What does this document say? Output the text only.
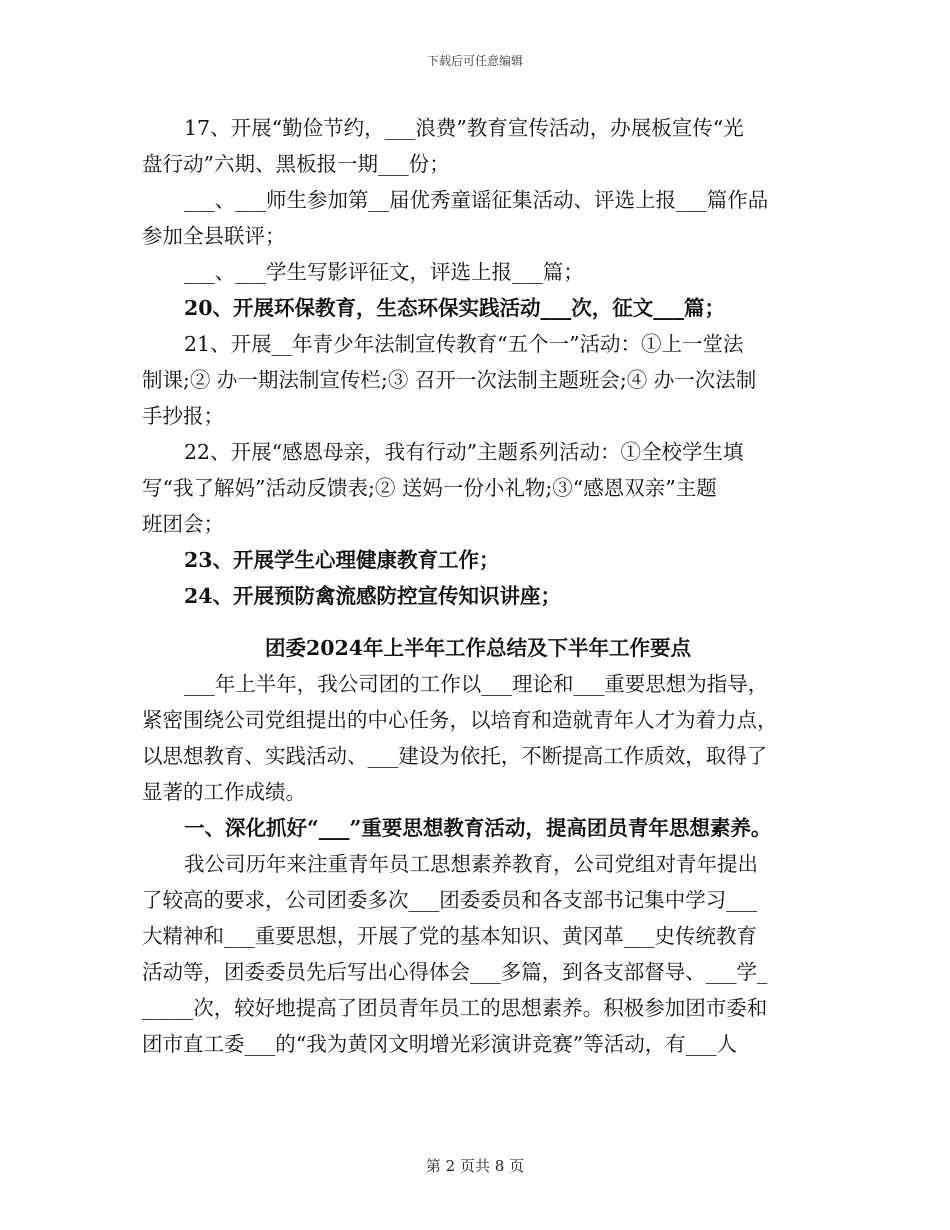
下载后可任意编辑
17、开展“勤俭节约，___浪费”教育宣传活动，办展板宣传“光
盘行动”六期、黑板报一期___份；
___、___师生参加第__届优秀童谣征集活动、评选上报___篇作品
参加全县联评；
___、___学生写影评征文，评选上报___篇；
20、开展环保教育，生态环保实践活动___次，征文___篇；
21、开展__年青少年法制宣传教育“五个一”活动：①上一堂法
制课;② 办一期法制宣传栏;③ 召开一次法制主题班会;④ 办一次法制
手抄报；
22、开展“感恩母亲，我有行动”主题系列活动：①全校学生填
写“我了解妈”活动反馈表;② 送妈一份小礼物;③“感恩双亲”主题
班团会；
23、开展学生心理健康教育工作；
24、开展预防禽流感防控宣传知识讲座；
团委2024年上半年工作总结及下半年工作要点
___年上半年，我公司团的工作以___理论和___重要思想为指导，
紧密围绕公司党组提出的中心任务，以培育和造就青年人才为着力点，
以思想教育、实践活动、___建设为依托，不断提高工作质效，取得了
显著的工作成绩。
一、深化抓好“___”重要思想教育活动，提高团员青年思想素养。
我公司历年来注重青年员工思想素养教育，公司党组对青年提出
了较高的要求，公司团委多次___团委委员和各支部书记集中学习___
大精神和___重要思想，开展了党的基本知识、黄冈革___史传统教育
活动等，团委委员先后写出心得体会___多篇，到各支部督导、___学_
_____次，较好地提高了团员青年员工的思想素养。积极参加团市委和
团市直工委___的“我为黄冈文明增光彩演讲竞赛”等活动，有___人
第 2 页共 8 页
